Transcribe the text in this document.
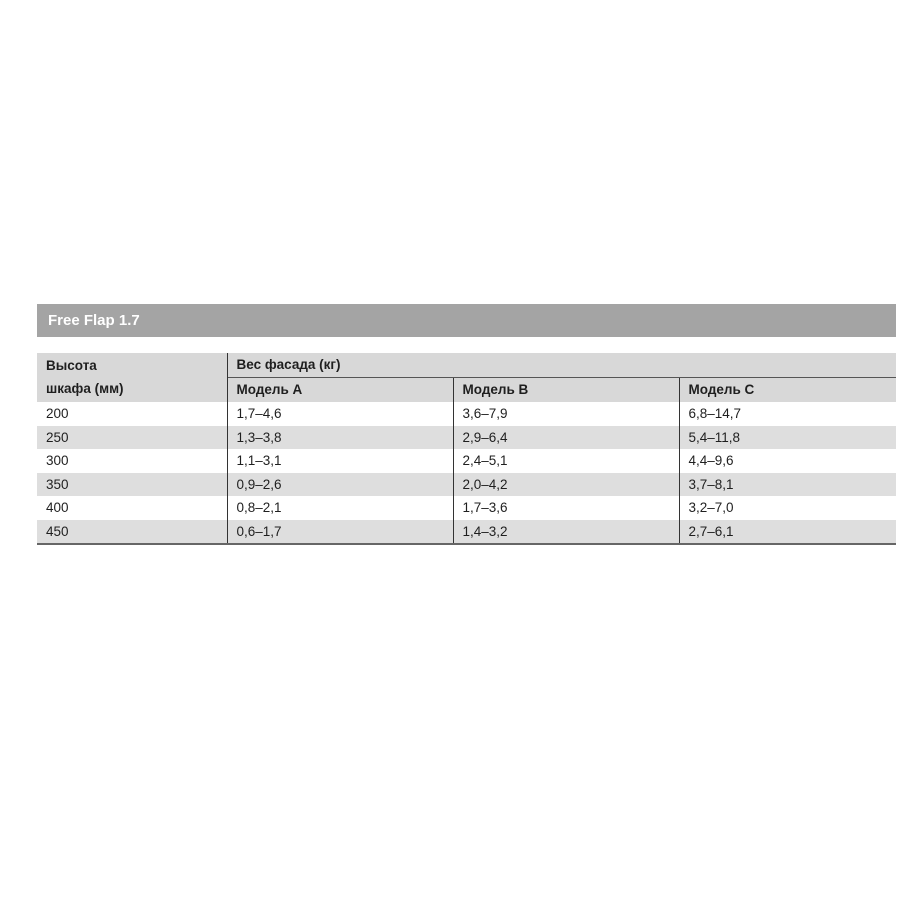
Free Flap 1.7
Высота
шкафа (мм)	Вес фасада (кг)		
	Модель A	Модель B	Модель C
200	1,7–4,6	3,6–7,9	6,8–14,7
250	1,3–3,8	2,9–6,4	5,4–11,8
300	1,1–3,1	2,4–5,1	4,4–9,6
350	0,9–2,6	2,0–4,2	3,7–8,1
400	0,8–2,1	1,7–3,6	3,2–7,0
450	0,6–1,7	1,4–3,2	2,7–6,1
